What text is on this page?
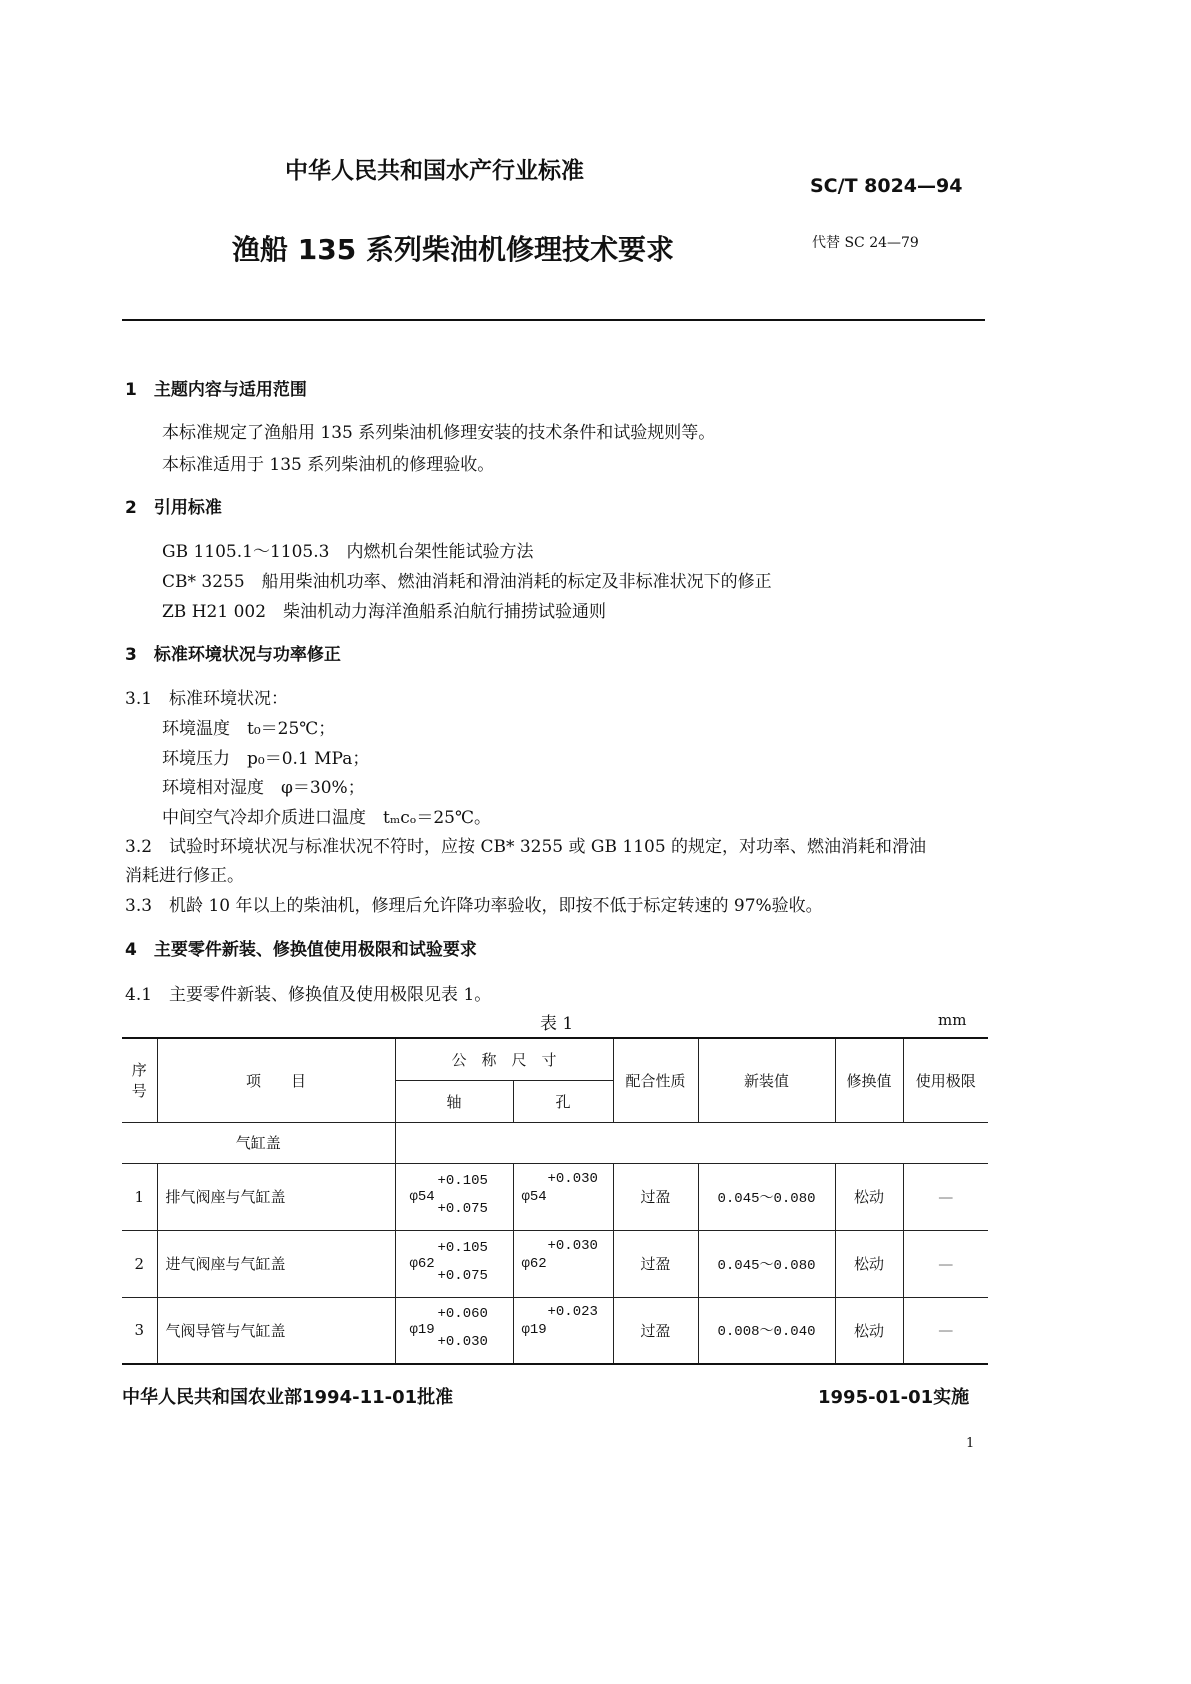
中华人民共和国水产行业标准
SC/T 8024—94
渔船 135 系列柴油机修理技术要求	代替 SC 24—79
1　主题内容与适用范围
本标准规定了渔船用 135 系列柴油机修理安装的技术条件和试验规则等。
本标准适用于 135 系列柴油机的修理验收。
2　引用标准
GB 1105.1～1105.3　内燃机台架性能试验方法
CB* 3255　船用柴油机功率、燃油消耗和滑油消耗的标定及非标准状况下的修正
ZB H21 002　柴油机动力海洋渔船系泊航行捕捞试验通则
3　标准环境状况与功率修正
3.1　标准环境状况：
环境温度　t₀＝25℃；
环境压力　p₀＝0.1 MPa；
环境相对湿度　φ＝30%；
中间空气冷却介质进口温度　tₘcₒ＝25℃。
3.2　试验时环境状况与标准状况不符时，应按 CB* 3255 或 GB 1105 的规定，对功率、燃油消耗和滑油
消耗进行修正。
3.3　机龄 10 年以上的柴油机，修理后允许降功率验收，即按不低于标定转速的 97%验收。
4　主要零件新装、修换值使用极限和试验要求
4.1　主要零件新装、修换值及使用极限见表 1。
表 1	mm
序号	项　　目	公　称　尺　寸		配合性质	新装值	修换值	使用极限
		轴	孔				
气缸盖							
1	排气阀座与气缸盖	φ54
+0.105
+0.075	φ54
+0.030	过盈	0.045～0.080	松动	—
2	进气阀座与气缸盖	φ62
+0.105
+0.075	φ62
+0.030	过盈	0.045～0.080	松动	—
3	气阀导管与气缸盖	φ19
+0.060
+0.030	φ19
+0.023	过盈	0.008～0.040	松动	—
中华人民共和国农业部1994-11-01批准	1995-01-01实施
1
